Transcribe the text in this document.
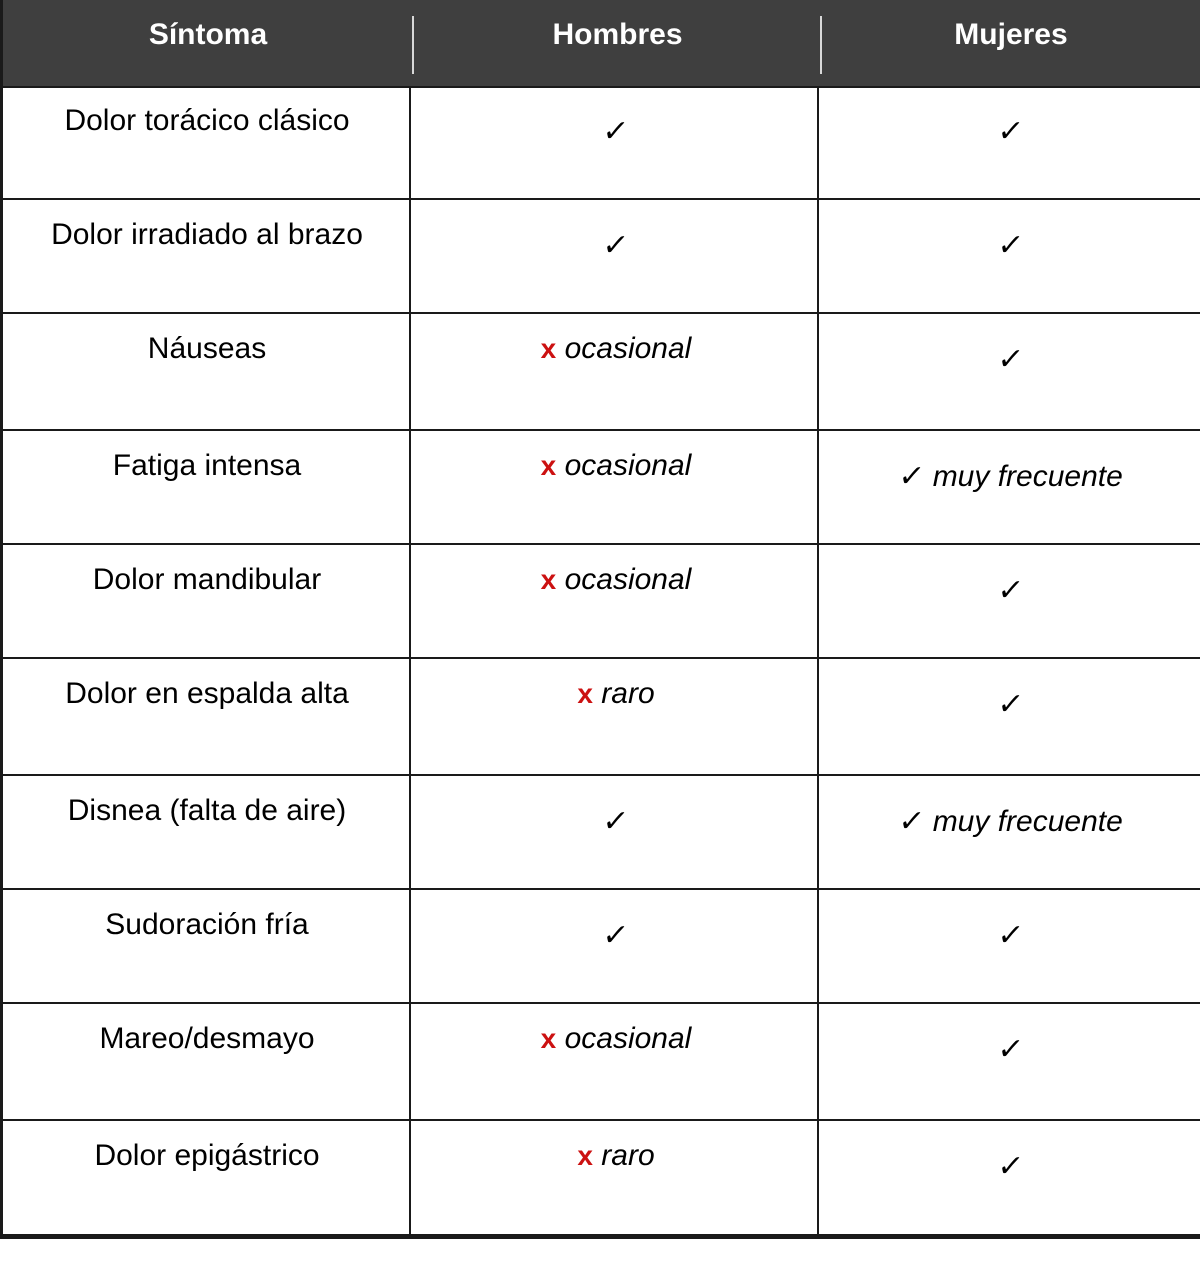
Síntoma	Hombres	Mujeres
Dolor torácico clásico	✓	✓
Dolor irradiado al brazo	✓	✓
Náuseas	x ocasional	✓
Fatiga intensa	x ocasional	✓ muy frecuente
Dolor mandibular	x ocasional	✓
Dolor en espalda alta	x raro	✓
Disnea (falta de aire)	✓	✓ muy frecuente
Sudoración fría	✓	✓
Mareo/desmayo	x ocasional	✓
Dolor epigástrico	x raro	✓
